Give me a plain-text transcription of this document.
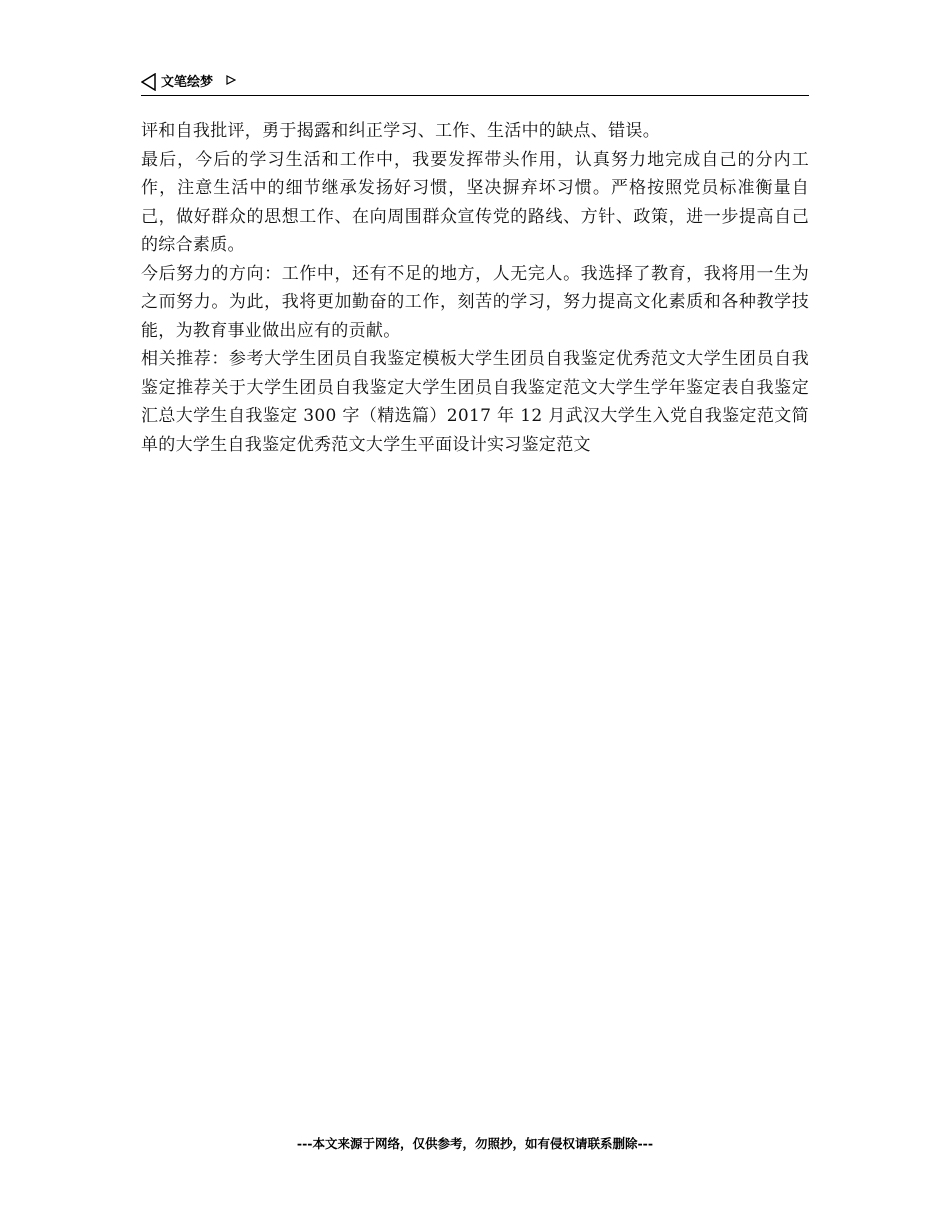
文笔绘梦

评和自我批评，勇于揭露和纠正学习、工作、生活中的缺点、错误。

最后，今后的学习生活和工作中，我要发挥带头作用，认真努力地完成自己的分内工作，注意生活中的细节继承发扬好习惯，坚决摒弃坏习惯。严格按照党员标准衡量自己，做好群众的思想工作、在向周围群众宣传党的路线、方针、政策，进一步提高自己的综合素质。

今后努力的方向：工作中，还有不足的地方，人无完人。我选择了教育，我将用一生为之而努力。为此，我将更加勤奋的工作，刻苦的学习，努力提高文化素质和各种教学技能，为教育事业做出应有的贡献。

相关推荐：参考大学生团员自我鉴定模板大学生团员自我鉴定优秀范文大学生团员自我鉴定推荐关于大学生团员自我鉴定大学生团员自我鉴定范文大学生学年鉴定表自我鉴定汇总大学生自我鉴定 300 字（精选篇）2017 年 12 月武汉大学生入党自我鉴定范文简单的大学生自我鉴定优秀范文大学生平面设计实习鉴定范文

---本文来源于网络，仅供参考，勿照抄，如有侵权请联系删除---
